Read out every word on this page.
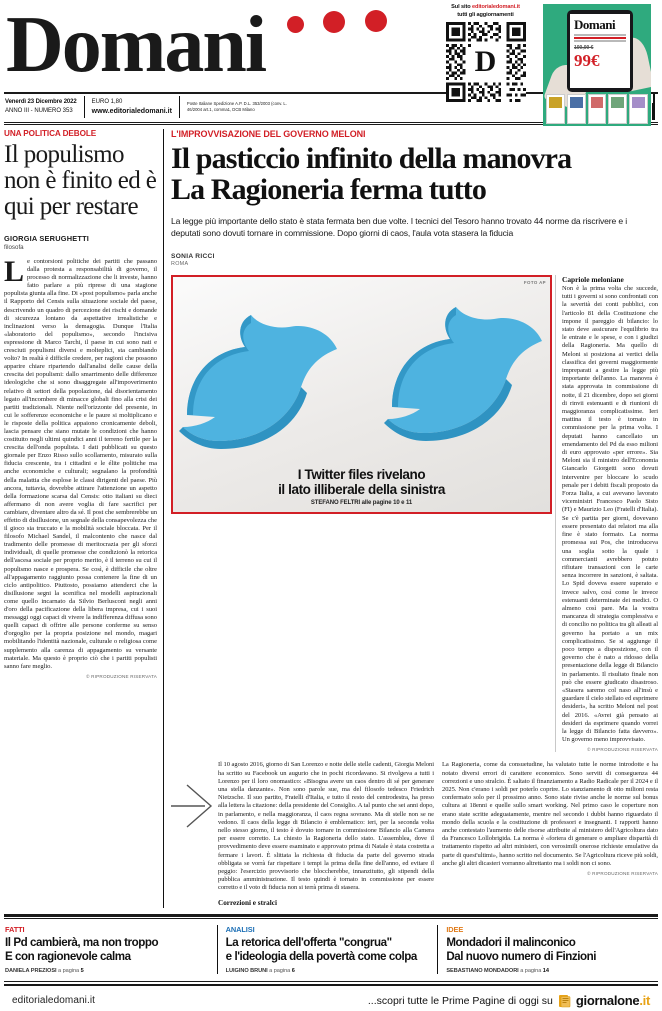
Domani	Sul sito editorialedomani.it
tutti gli aggiornamenti
D
Domani
199,99 €
99€
Venerdì 23 Dicembre 2022
ANNO III - NUMERO 353
EURO 1,80
www.editorialedomani.it
Poste Italiane Spedizione A.P. D.L. 353/2003 (conv. L. 46/2004 art.1, comma1, DCB Milano
UNA POLITICA DEBOLE
Il populismo non è finito ed è qui per restare
GIORGIA SERUGHETTI
filosofa
Le contorsioni politiche dei partiti che passano dalla protesta a responsabilità di governo, il processo di normalizzazione che li investe, hanno fatto parlare a più riprese di una stagione populista giunta alla fine. Di «post populismo» parla anche il Rapporto del Censis sulla situazione sociale del paese, descrivendo un quadro di percezione dei rischi e domande di sicurezza lontano da aspettative irrealistiche e inclinazioni verso la demagogia. Dunque l'Italia «laboratorio del populismo», secondo l'incisiva espressione di Marco Tarchi, il paese in cui sono nati e cresciuti populismi diversi e molteplici, sta cambiando volto? In realtà è difficile credere, per ragioni che possono apparire chiare ripartendo dall'analisi delle cause della crescita dei populismi: dallo smarrimento delle differenze ideologiche che si sono disaggregate all'impoverimento relativo di settori della popolazione, dal disorientamento legato all'incombere di minacce globali fino alla crisi dei partiti tradizionali. Niente nell'orizzonte del presente, in cui le sofferenze economiche e le paure si moltiplicano e le risposte della politica appaiono cronicamente deboli, lascia pensare che siano mutate le condizioni che hanno costituito negli ultimi quindici anni il terreno fertile per la crescita dell'onda populista. I dati pubblicati su questo giornale per Enzo Risso sullo scollamento, misurato sulla fiducia crescente, tra i cittadini e le élite politiche ma anche economiche e culturali; segnalano la profondità della malattia che esplose le classi dirigenti del paese. Più ancora, tuttavia, dovrebbe attirare l'attenzione un aspetto della formazione scarsa dal Censis: otto italiani su dieci affermano di non avere voglia di fare sacrifici per cambiare, diventare altro da sé. Il post che sembrerebbe un effetto di disillusione, un segnale della consapevolezza che il gioco sia truccato e la mobilità sociale bloccata. Per il filosofo Michael Sandel, il malcontento che nasce dal tradimento delle promesse di meritocrazia per gli sforzi individuali, di quelle promesse che condizionò la retorica dell'ascesa sociale per proprio merito, è il terreno su cui il populismo nasce e prospera. Se così, è difficile che oltre all'appagamento raggiunto possa contenere la fine di un ciclo antipolitico. Piuttosto, possiamo attenderci che la disillusione segni la scenifica nel modelli aspirazionali come quello incarnato da Silvio Berlusconi negli anni d'oro della pacificazione della libera impresa, cui i suoi messaggi oggi capaci di vivere la indifferenza diffusa sono quelli capaci di offrire alle persone conferme su senso d'orgoglio per la propria posizione nel mondo, magari mobilitando l'identità nazionale, culturale o religiosa come supplemento alla carenza di appagamento su versante materiale. Ma questo è proprio ciò che i partiti populisti sanno fare meglio.
© RIPRODUZIONE RISERVATA
L'IMPROVVISAZIONE DEL GOVERNO MELONI
Il pasticcio infinito della manovra
La Ragioneria ferma tutto
La legge più importante dello stato è stata fermata ben due volte. I tecnici del Tesoro hanno trovato 44 norme da riscrivere e i deputati sono dovuti tornare in commissione. Dopo giorni di caos, l'aula vota stasera la fiducia
SONIA RICCI
ROMA
FOTO AP
I Twitter files rivelano
il lato illiberale della sinistra
STEFANO FELTRI alle pagine 10 e 11
Capriole meloniane
Non è la prima volta che succede, tutti i governi si sono confrontati con la severità dei conti pubblici, con l'articolo 81 della Costituzione che impone il pareggio di bilancio: lo stato deve assicurare l'equilibrio tra le entrate e le spese, e con i giudizi della Ragioneria. Ma quello di Meloni si posiziona ai vertici della classifica dei governi maggiormente impreparati a gestire la legge più importante dell'anno. La manovra è stata approvata in commissione di notte, il 21 dicembre, dopo sei giorni di rinvii estenuanti e di riunioni di maggioranza complicatissime. Ieri mattina il testo è tornato in commissione per la prima volta. I deputati hanno cancellato un emendamento del Pd da esso milioni di euro approvato «per errore». Sia Meloni sia il ministro dell'Economia Giancarlo Giorgetti sono dovuti intervenire per bloccare lo scudo penale per i debiti fiscali proposto da Forza Italia, a cui avevano lavorato viceministri Francesco Paolo Sisto (FI) e Maurizio Leo (Fratelli d'Italia). Se c'è partita per giorni, dovevano essere presentato dai relatori ma alla fine è stato formato. La norma promessa sui Pos, che introduceva una soglia sotto la quale i commercianti avrebbero potuto rifiutare transazioni con le carte senza incorrere in sanzioni, è saltata. Lo Spid doveva essere superato e invece salvo, così come le invece estenuanti determinate dei medici. O almeno così pare. Ma la vostra mancanza di strategia complessiva e di concilio no politica tra gli alleati al governo ha portato a un mix complicatissimo. Se si aggiunge il poco tempo a disposizione, con il governo che è nato a ridosso della presentazione della legge di Bilancio in parlamento. Il risultato finale non può che essere giudicato disastroso. «Stasera saremo col naso all'insù e guardare il cielo stellato ed esprimere desideri», ha scritto Meloni nel post del 2016. «Avrei già pensato ai desideri da esprimere quando vorrei la legge di Bilancio fatta davvero». Un governo meno improvvisato.
© RIPRODUZIONE RISERVATA
Il 10 agosto 2016, giorno di San Lorenzo e notte delle stelle cadenti, Giorgia Meloni ha scritto su Facebook un augurio che in pochi ricordavano. Si rivolgeva a tutti i Lorenzo per il loro onomastico: «Bisogna avere un caos dentro di sé per generare una stella danzante». Non sono parole sue, ma del filosofo tedesco Friedrich Nietzsche. Il suo partito, Fratelli d'Italia, e tutto il resto del centrodestra, ha preso alla lettera la citazione: della presidente del Consiglio. A tal punto che sei anni dopo, in parlamento, e nella maggioranza, il caos regna sovrano. Ma di stelle non se ne vedono. Il caos della legge di Bilancio è emblematico: ieri, per la seconda volta nello stesso giorno, il testo è dovuto tornare in commissione Bilancio alla Camera per essere corretto. La chiesto la Ragioneria dello stato. L'assemblea, dove il provvedimento deve essere esaminato e approvato prima di Natale è stata costretta a fermare i lavori. È slittata la richiesta di fiducia da parte del governo strada obbligata se vorrà far rispettare i tempi la prima della fine dell'anno, ed evitare il peggio: l'esercizio provvisorio che bloccherebbe, innanzitutto, gli stipendi della pubblica amministrazione. Il testo quindi è tornato in commissione per essere corretto e il voto di fiducia non si terrà prima di stasera.
Correzioni e stralci
La Ragioneria, come da consuetudine, ha valutato tutte le norme introdotte e ha notato diversi errori di carattere economico. Sono serviti di conseguenza 44 correzioni e uno stralcio. È saltato il finanziamento a Radio Radicale per il 2024 e il 2025. Non c'erano i soldi per poterlo coprire. Lo stanziamento di otto milioni resta confermato solo per il prossimo anno. Sono state rivise anche le norme sul bonus cultura ai 18enni e quelle sullo smart working. Nel primo caso le coperture non erano state scritte adeguatamente, mentre nel secondo i dubbi hanno riguardato il mondo della scuola e la costituzione di professori e insegnanti. I rapporti hanno anche contestato l'aumento delle risorse attribuite al ministero dell'Agricoltura dato da Francesco Lollobrigida. La norma è «foriera di generare o ampliare disparità di trattamento rispetto ad altri ministeri, con verosimili onerose richieste emulative da parte di quest'ultimi», hanno scritto nel documento. Se l'Agricoltura riceve più soldi, anche gli altri dicasteri vorranno altrettanto ma i soldi non ci sono.
© RIPRODUZIONE RISERVATA
FATTI
Il Pd cambierà, ma non troppo
E con ragionevole calma
DANIELA PREZIOSI a pagina 5
ANALISI
La retorica dell'offerta "congrua"
e l'ideologia della povertà come colpa
LUIGINO BRUNI a pagina 6
IDEE
Mondadori il malinconico
Dal nuovo numero di Finzioni
SEBASTIANO MONDADORI a pagina 14
editorialedomani.it	...scopri tutte le Prime Pagine di oggi su giornalone.it
